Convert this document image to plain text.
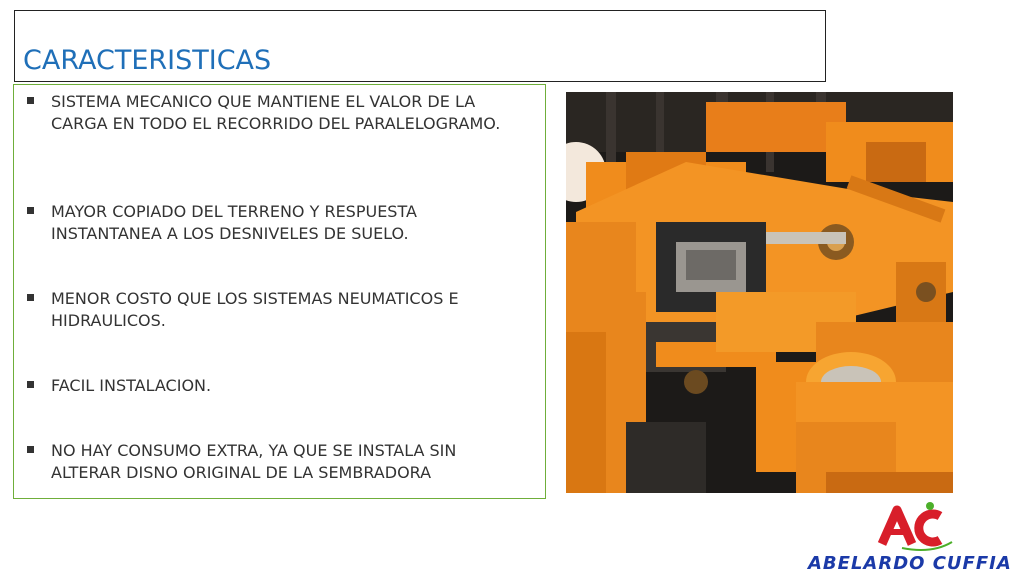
CARACTERISTICAS
SISTEMA MECANICO QUE MANTIENE EL VALOR DE LA CARGA EN TODO EL RECORRIDO DEL PARALELOGRAMO.
MAYOR COPIADO DEL TERRENO Y RESPUESTA INSTANTANEA A LOS DESNIVELES DE SUELO.
MENOR COSTO QUE LOS SISTEMAS NEUMATICOS E HIDRAULICOS.
FACIL INSTALACION.
NO HAY CONSUMO EXTRA, YA QUE SE INSTALA SIN ALTERAR DISNO ORIGINAL DE LA SEMBRADORA
ABELARDO CUFFIA
